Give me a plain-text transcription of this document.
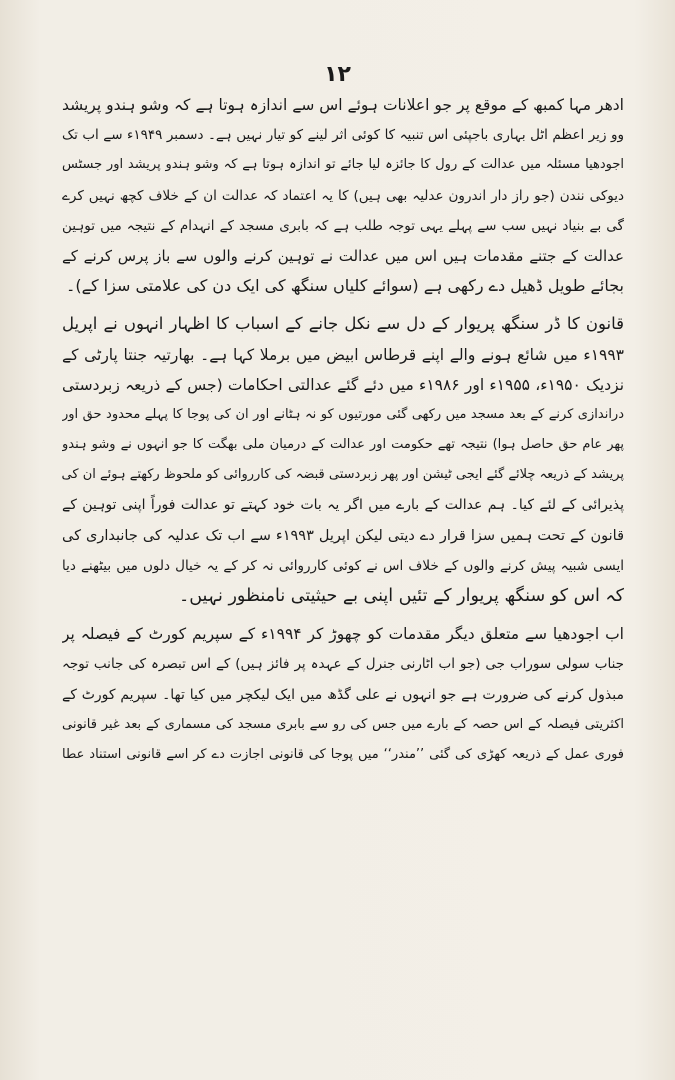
۱۲
ادھر مہا کمبھ کے موقع پر جو اعلانات ہوئے اس سے اندازہ ہوتا ہے کہ وشو ہندو پریشد
وو زیر اعظم اٹل بہاری باجپئی اس تنبیہ کا کوئی اثر لینے کو تیار نہیں ہے۔ دسمبر ۱۹۴۹ء سے اب تک
اجودھیا مسئلہ میں عدالت کے رول کا جائزہ لیا جائے تو اندازہ ہوتا ہے کہ وشو ہندو پریشد اور جسٹس
دیوکی نندن (جو راز دار اندرون عدلیہ بھی ہیں) کا یہ اعتماد کہ عدالت ان کے خلاف کچھ نہیں کرے
گی بے بنیاد نہیں سب سے پہلے یہی توجہ طلب ہے کہ بابری مسجد کے انہدام کے نتیجہ میں توہین
عدالت کے جتنے مقدمات ہیں اس میں عدالت نے توہین کرنے والوں سے باز پرس کرنے کے
بجائے طویل ڈھیل دے رکھی ہے (سوائے کلیاں سنگھ کی ایک دن کی علامتی سزا کے)۔
قانون کا ڈر سنگھ پریوار کے دل سے نکل جانے کے اسباب کا اظہار انہوں نے اپریل
۱۹۹۳ء میں شائع ہونے والے اپنے قرطاس ابیض میں برملا کہا ہے۔ بھارتیہ جنتا پارٹی کے
نزدیک ۱۹۵۰ء، ۱۹۵۵ء اور ۱۹۸۶ء میں دئے گئے عدالتی احکامات (جس کے ذریعہ زبردستی
دراندازی کرنے کے بعد مسجد میں رکھی گئی مورتیوں کو نہ ہٹانے اور ان کی پوجا کا پہلے محدود حق اور
پھر عام حق حاصل ہوا) نتیجہ تھے حکومت اور عدالت کے درمیان ملی بھگت کا جو انہوں نے وشو ہندو
پریشد کے ذریعہ چلائے گئے ایجی ٹیشن اور پھر زبردستی قبضہ کی کارروائی کو ملحوظ رکھتے ہوئے ان کی
پذیرائی کے لئے کیا۔ ہم عدالت کے بارے میں اگر یہ بات خود کہتے تو عدالت فوراً اپنی توہین کے
قانون کے تحت ہمیں سزا قرار دے دیتی لیکن اپریل ۱۹۹۳ء سے اب تک عدلیہ کی جانبداری کی
ایسی شبیہ پیش کرنے والوں کے خلاف اس نے کوئی کارروائی نہ کر کے یہ خیال دلوں میں بیٹھنے دیا
کہ اس کو سنگھ پریوار کے تئیں اپنی بے حیثیتی نامنظور نہیں۔
اب اجودھیا سے متعلق دیگر مقدمات کو چھوڑ کر ۱۹۹۴ء کے سپریم کورٹ کے فیصلہ پر
جناب سولی سوراب جی (جو اب اٹارنی جنرل کے عہدہ پر فائز ہیں) کے اس تبصرہ کی جانب توجہ
مبذول کرنے کی ضرورت ہے جو انہوں نے علی گڈھ میں ایک لیکچر میں کیا تھا۔ سپریم کورٹ کے
اکثریتی فیصلہ کے اس حصہ کے بارے میں جس کی رو سے بابری مسجد کی مسماری کے بعد غیر قانونی
فوری عمل کے ذریعہ کھڑی کی گئی ’’مندر‘‘ میں پوجا کی قانونی اجازت دے کر اسے قانونی استناد عطا
